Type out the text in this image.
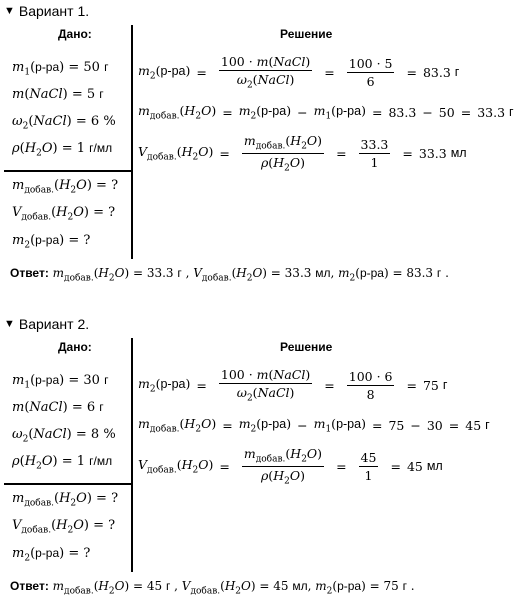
▼ Вариант 1.
Дано:	Решение
$m_1(р-ра) = 50$ г
m(NaCl) = 5 г
$\omega_2(NaCl) = 6$ %
$\rho(H_2O) = 1$ г/мл
$m_{добав.}(H_2O)$ = ?
$V_{добав.}(H_2O)$ = ?
$m_2(р-ра)$ = ?
$m_2(р-ра) = \frac{\text{100 · m(NaCl)}}{\omega_2(NaCl)} = \frac{100 \cdot 5}{6} = 83.3$
г
$m_{добав.}(H_2O) = m_2(р-ра) - m_1(р-ра) = 83.3 - 50 = 33.3$
г
$V_{добав.}(H_2O) = \frac{m_{добав.}(H_2O)}{\rho(H_2O)} = \frac{33.3}{1} = 33.3$
мл
Ответ: $m_{добав.}(H_2O) = 33.3$ г , $V_{добав.}(H_2O) = 33.3$ мл, $m_2(р-ра) = 83.3$ г .
▼ Вариант 2.
Дано:	Решение
$m_1(р-ра) = 30$ г
m(NaCl) = 6 г
$\omega_2(NaCl) = 8$ %
$\rho(H_2O) = 1$ г/мл
$m_{добав.}(H_2O)$ = ?
$V_{добав.}(H_2O)$ = ?
$m_2(р-ра)$ = ?
$m_2(р-ра) = \frac{\text{100 · m(NaCl)}}{\omega_2(NaCl)} = \frac{100 \cdot 6}{8} = 75$
г
$m_{добав.}(H_2O) = m_2(р-ра) - m_1(р-ра) = 75 - 30 = 45$
г
$V_{добав.}(H_2O) = \frac{m_{добав.}(H_2O)}{\rho(H_2O)} = \frac{45}{1} = 45$
мл
Ответ: $m_{добав.}(H_2O) = 45$ г , $V_{добав.}(H_2O) = 45$ мл, $m_2(р-ра) = 75$ г .
